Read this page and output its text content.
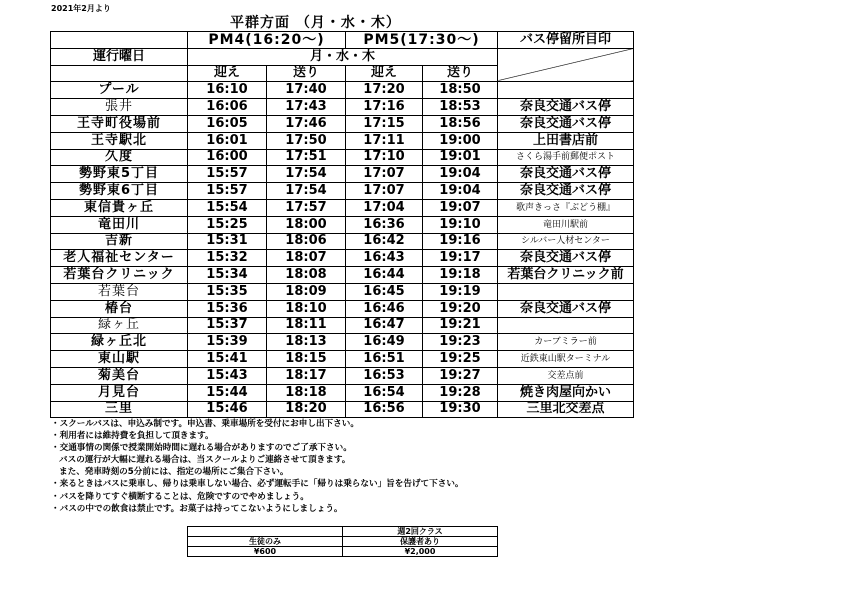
2021年2月より
平群方面 （月・水・木）
	PM4(16:20～)		PM5(17:30～)		バス停留所目印
運行曜日	月・水・木				
	迎え	送り	迎え	送り	
プール	16:10	17:40	17:20	18:50	
張井	16:06	17:43	17:16	18:53	奈良交通バス停
王寺町役場前	16:05	17:46	17:15	18:56	奈良交通バス停
王寺駅北	16:01	17:50	17:11	19:00	上田書店前
久度	16:00	17:51	17:10	19:01	さくら湯手前郵便ポスト
勢野東5丁目	15:57	17:54	17:07	19:04	奈良交通バス停
勢野東6丁目	15:57	17:54	17:07	19:04	奈良交通バス停
東信貴ヶ丘	15:54	17:57	17:04	19:07	歌声きっさ『ぶどう棚』
竜田川	15:25	18:00	16:36	19:10	竜田川駅前
吉新	15:31	18:06	16:42	19:16	シルバー人材センター
老人福祉センター	15:32	18:07	16:43	19:17	奈良交通バス停
若葉台クリニック	15:34	18:08	16:44	19:18	若葉台クリニック前
若葉台	15:35	18:09	16:45	19:19	
椿台	15:36	18:10	16:46	19:20	奈良交通バス停
緑ヶ丘	15:37	18:11	16:47	19:21	
緑ヶ丘北	15:39	18:13	16:49	19:23	カーブミラー前
東山駅	15:41	18:15	16:51	19:25	近鉄東山駅ターミナル
菊美台	15:43	18:17	16:53	19:27	交差点前
月見台	15:44	18:18	16:54	19:28	焼き肉屋向かい
三里	15:46	18:20	16:56	19:30	三里北交差点
・スクールバスは、申込み制です。申込書、乗車場所を受付にお申し出下さい。
・利用者には維持費を負担して頂きます。
・交通事情の関係で授業開始時間に遅れる場合がありますのでご了承下さい。
バスの運行が大幅に遅れる場合は、当スクールよりご連絡させて頂きます。
また、発車時刻の5分前には、指定の場所にご集合下さい。
・来るときはバスに乗車し、帰りは乗車しない場合、必ず運転手に「帰りは乗らない」旨を告げて下さい。
・バスを降りてすぐ横断することは、危険ですのでやめましょう。
・バスの中での飲食は禁止です。お菓子は持ってこないようにしましょう。
	週2回クラス
生徒のみ	保護者あり
¥600	¥2,000
